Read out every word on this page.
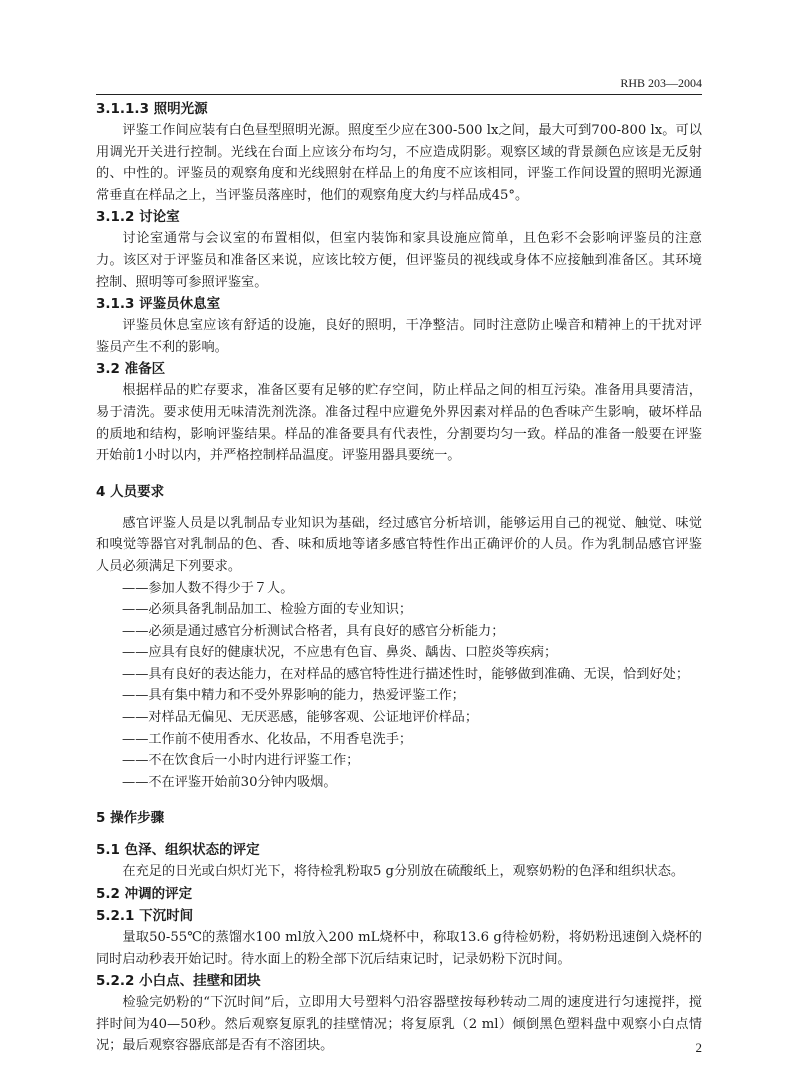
RHB 203—2004

3.1.1.3 照明光源

评鉴工作间应装有白色昼型照明光源。照度至少应在300-500 lx之间，最大可到700-800 lx。可以用调光开关进行控制。光线在台面上应该分布均匀，不应造成阴影。观察区域的背景颜色应该是无反射的、中性的。评鉴员的观察角度和光线照射在样品上的角度不应该相同，评鉴工作间设置的照明光源通常垂直在样品之上，当评鉴员落座时，他们的观察角度大约与样品成45°。

3.1.2 讨论室

讨论室通常与会议室的布置相似，但室内装饰和家具设施应简单，且色彩不会影响评鉴员的注意力。该区对于评鉴员和准备区来说，应该比较方便，但评鉴员的视线或身体不应接触到准备区。其环境控制、照明等可参照评鉴室。

3.1.3 评鉴员休息室

评鉴员休息室应该有舒适的设施，良好的照明，干净整洁。同时注意防止噪音和精神上的干扰对评鉴员产生不利的影响。

3.2 准备区

根据样品的贮存要求，准备区要有足够的贮存空间，防止样品之间的相互污染。准备用具要清洁，易于清洗。要求使用无味清洗剂洗涤。准备过程中应避免外界因素对样品的色香味产生影响，破坏样品的质地和结构，影响评鉴结果。样品的准备要具有代表性，分割要均匀一致。样品的准备一般要在评鉴开始前1小时以内，并严格控制样品温度。评鉴用器具要统一。

4 人员要求

感官评鉴人员是以乳制品专业知识为基础，经过感官分析培训，能够运用自己的视觉、触觉、味觉和嗅觉等器官对乳制品的色、香、味和质地等诸多感官特性作出正确评价的人员。作为乳制品感官评鉴人员必须满足下列要求。

——参加人数不得少于７人。

——必须具备乳制品加工、检验方面的专业知识；

——必须是通过感官分析测试合格者，具有良好的感官分析能力；

——应具有良好的健康状况，不应患有色盲、鼻炎、龋齿、口腔炎等疾病；

——具有良好的表达能力，在对样品的感官特性进行描述性时，能够做到准确、无误，恰到好处；

——具有集中精力和不受外界影响的能力，热爱评鉴工作；

——对样品无偏见、无厌恶感，能够客观、公证地评价样品；

——工作前不使用香水、化妆品，不用香皂洗手；

——不在饮食后一小时内进行评鉴工作；

——不在评鉴开始前30分钟内吸烟。

5 操作步骤

5.1 色泽、组织状态的评定

在充足的日光或白炽灯光下，将待检乳粉取5 g分别放在硫酸纸上，观察奶粉的色泽和组织状态。

5.2 冲调的评定

5.2.1 下沉时间

量取50-55℃的蒸馏水100 ml放入200 mL烧杯中，称取13.6 g待检奶粉，将奶粉迅速倒入烧杯的同时启动秒表开始记时。待水面上的粉全部下沉后结束记时，记录奶粉下沉时间。

5.2.2 小白点、挂壁和团块

检验完奶粉的“下沉时间”后，立即用大号塑料勺沿容器壁按每秒转动二周的速度进行匀速搅拌，搅拌时间为40—50秒。然后观察复原乳的挂壁情况；将复原乳（2 ml）倾倒黑色塑料盘中观察小白点情况；最后观察容器底部是否有不溶团块。	2
